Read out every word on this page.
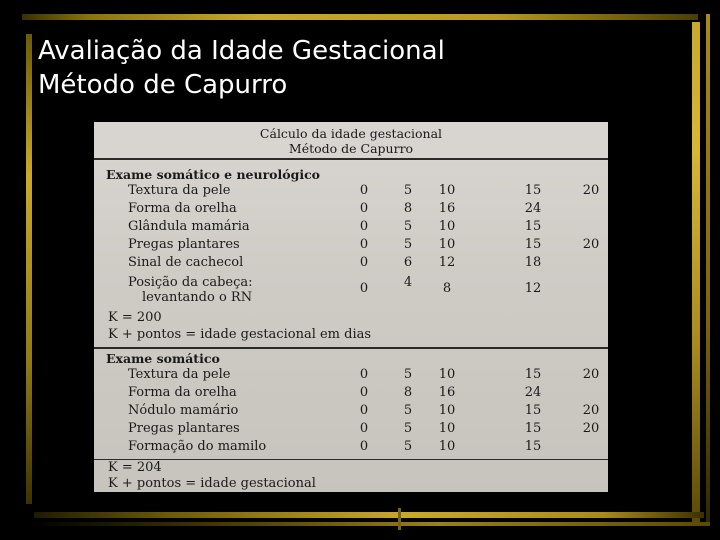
Avaliação da Idade Gestacional
Método de Capurro
Cálculo da idade gestacional
Método de Capurro
Exame somático e neurológico
Textura da pele	0	5	10	15	20
Forma da orelha	0	8	16	24
Glândula mamária	0	5	10	15
Pregas plantares	0	5	10	15	20
Sinal de cachecol	0	6	12	18
Posição da cabeça:	0	4	8	12
levantando o RN
K = 200
K + pontos = idade gestacional em dias
Exame somático
Textura da pele	0	5	10	15	20
Forma da orelha	0	8	16	24
Nódulo mamário	0	5	10	15	20
Pregas plantares	0	5	10	15	20
Formação do mamilo	0	5	10	15
K = 204
K + pontos = idade gestacional
